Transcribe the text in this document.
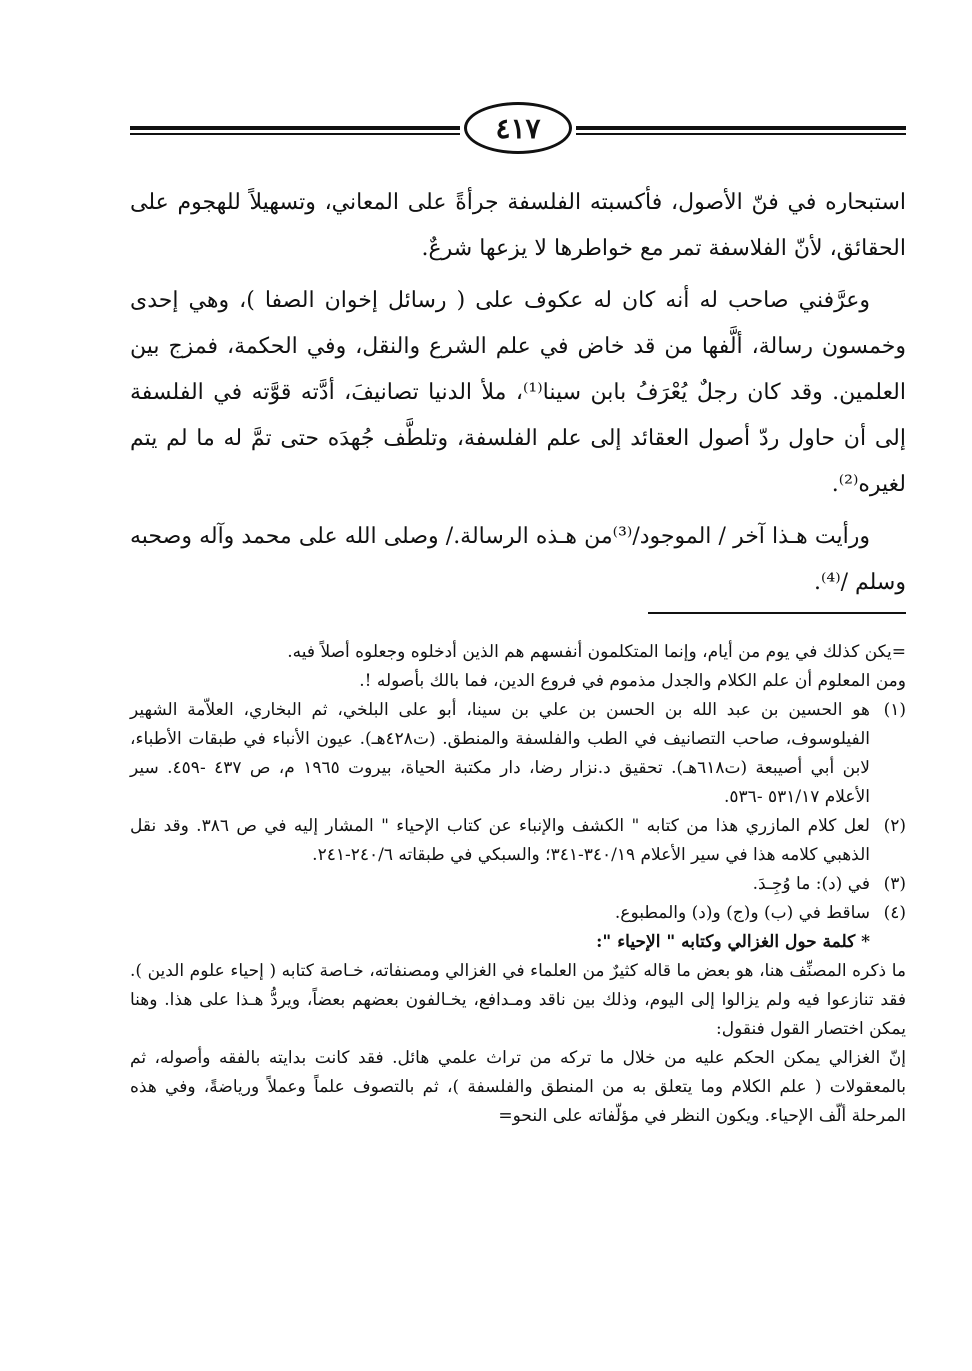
٤١٧

استبحاره في فنّ الأصول، فأكسبته الفلسفة جرأةً على المعاني، وتسهيلاً للهجوم على الحقائق، لأنّ الفلاسفة تمر مع خواطرها لا يزعها شرعٌ.

وعرَّفني صاحب له أنه كان له عكوف على ( رسائل إخوان الصفا )، وهي إحدى وخمسون رسالة، ألَّفها من قد خاض في علم الشرع والنقل، وفي الحكمة، فمزج بين العلمين. وقد كان رجلٌ يُعْرَفُ بابن سينا⁽¹⁾، ملأ الدنيا تصانيفَ، أدَّته قوَّته في الفلسفة إلى أن حاول ردّ أصول العقائد إلى علم الفلسفة، وتلطَّف جُهدَه حتى تمَّ له ما لم يتم لغيره⁽²⁾.

ورأيت هـذا آخر / الموجود/⁽³⁾من هـذه الرسالة./ وصلى الله على محمد وآله وصحبه وسلم /⁽⁴⁾.

=يكن كذلك في يوم من أيام، وإنما المتكلمون أنفسهم هم الذين أدخلوه وجعلوه أصلاً فيه.

ومن المعلوم أن علم الكلام والجدل مذموم في فروع الدين، فما بالك بأصوله !.

(١)
هو الحسين بن عبد الله بن الحسن بن علي بن سينا، أبو على البلخي، ثم البخاري، العلاّمة الشهير الفيلوسوف، صاحب التصانيف في الطب والفلسفة والمنطق. (ت٤٢٨هـ). عيون الأنباء في طبقات الأطباء، لابن أبي أصيبعة (ت٦١٨هـ). تحقيق د.نزار رضا، دار مكتبة الحياة، بيروت ١٩٦٥ م، ص ٤٣٧ -٤٥٩. سير الأعلام ٥٣١/١٧ -٥٣٦.
(٢)
لعل كلام المازري هذا من كتابه " الكشف والإنباء عن كتاب الإحياء " المشار إليه في ص ٣٨٦. وقد نقل الذهبي كلامه هذا في سير الأعلام ٣٤٠/١٩-٣٤١؛ والسبكي في طبقاته ٢٤٠/٦-٢٤١.
(٣)
في (د): ما وُجِـدَ.
(٤)
ساقط في (ب) و(ج) و(د) والمطبوع.

* كلمة حول الغزالي وكتابه " الإحياء ":

ما ذكره المصنِّف هنا، هو بعض ما قاله كثيرٌ من العلماء في الغزالي ومصنفاته، خـاصة كتابه ( إحياء علوم الدين ). فقد تنازعوا فيه ولم يزالوا إلى اليوم، وذلك بين ناقد ومـدافع، يخـالفون بعضهم بعضاً، ويردُّ هـذا على هذا. وهنا يمكن اختصار القول فنقول:

إنّ الغزالي يمكن الحكم عليه من خلال ما تركه من تراث علمي هائل. فقد كانت بدايته بالفقه وأصوله، ثم بالمعقولات ( علم الكلام وما يتعلق به من المنطق والفلسفة )، ثم بالتصوف علماً وعملاً ورياضةً، وفي هذه المرحلة ألّف الإحياء. ويكون النظر في مؤلّفاته على النحو=
